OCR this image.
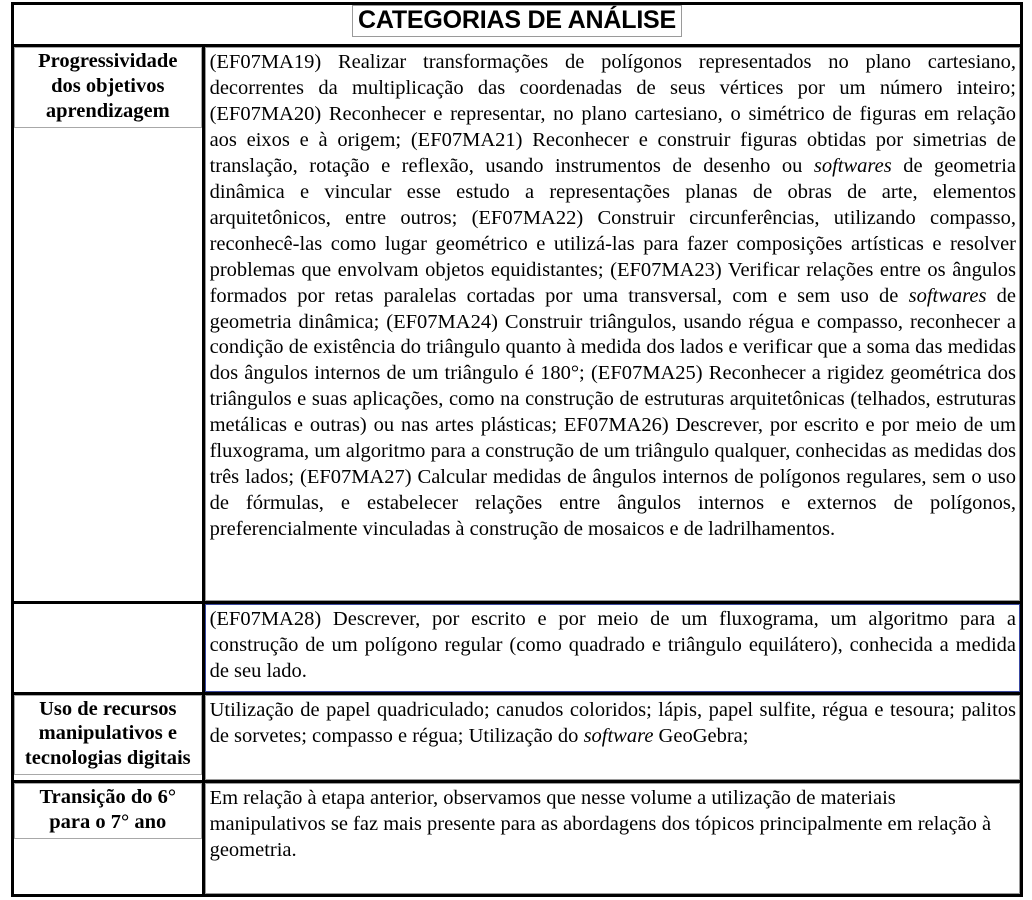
CATEGORIAS DE ANÁLISE	
Progressividade dos objetivos aprendizagem	(EF07MA19) Realizar transformações de polígonos representados no plano cartesiano, decorrentes da multiplicação das coordenadas de seus vértices por um número inteiro; (EF07MA20) Reconhecer e representar, no plano cartesiano, o simétrico de figuras em relação aos eixos e à origem; (EF07MA21) Reconhecer e construir figuras obtidas por simetrias de translação, rotação e reflexão, usando instrumentos de desenho ou softwares de geometria dinâmica e vincular esse estudo a representações planas de obras de arte, elementos arquitetônicos, entre outros; (EF07MA22) Construir circunferências, utilizando compasso, reconhecê-las como lugar geométrico e utilizá-las para fazer composições artísticas e resolver problemas que envolvam objetos equidistantes; (EF07MA23) Verificar relações entre os ângulos formados por retas paralelas cortadas por uma transversal, com e sem uso de softwares de geometria dinâmica; (EF07MA24) Construir triângulos, usando régua e compasso, reconhecer a condição de existência do triângulo quanto à medida dos lados e verificar que a soma das medidas dos ângulos internos de um triângulo é 180°; (EF07MA25) Reconhecer a rigidez geométrica dos triângulos e suas aplicações, como na construção de estruturas arquitetônicas (telhados, estruturas metálicas e outras) ou nas artes plásticas; EF07MA26) Descrever, por escrito e por meio de um fluxograma, um algoritmo para a construção de um triângulo qualquer, conhecidas as medidas dos três lados; (EF07MA27) Calcular medidas de ângulos internos de polígonos regulares, sem o uso de fórmulas, e estabelecer relações entre ângulos internos e externos de polígonos, preferencialmente vinculadas à construção de mosaicos e de ladrilhamentos.

	(EF07MA28) Descrever, por escrito e por meio de um fluxograma, um algoritmo para a construção de um polígono regular (como quadrado e triângulo equilátero), conhecida a medida de seu lado.

Uso de recursos manipulativos e tecnologias digitais	Utilização de papel quadriculado; canudos coloridos; lápis, papel sulfite, régua e tesoura; palitos de sorvetes; compasso e régua; Utilização do software GeoGebra;

Transição do 6° para o 7° ano	Em relação à etapa anterior, observamos que nesse volume a utilização de materiais manipulativos se faz mais presente para as abordagens dos tópicos principalmente em relação à geometria.
